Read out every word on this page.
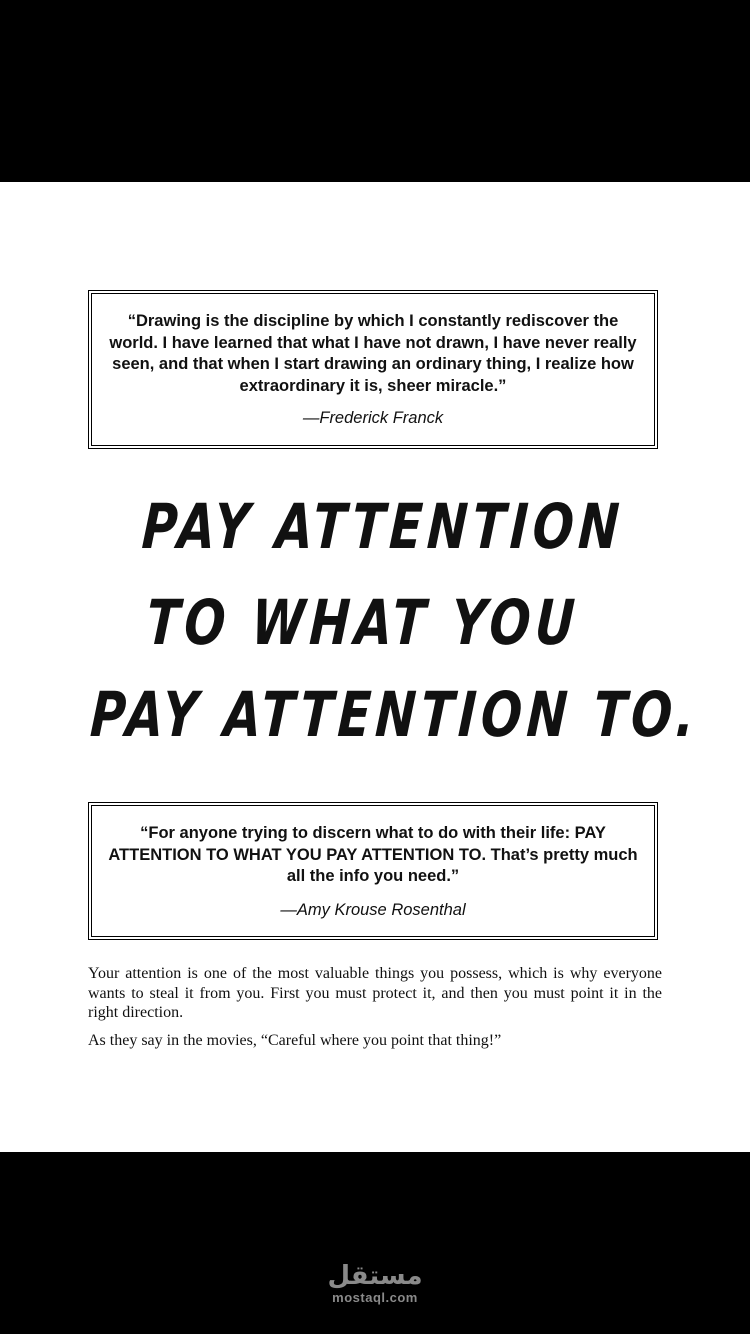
“Drawing is the discipline by which I constantly rediscover the world. I have learned that what I have not drawn, I have never really seen, and that when I start drawing an ordinary thing, I realize how extraordinary it is, sheer miracle.”

—Frederick Franck

PAY ATTENTION
TO WHAT YOU
PAY ATTENTION TO.

“For anyone trying to discern what to do with their life: PAY ATTENTION TO WHAT YOU PAY ATTENTION TO. That’s pretty much all the info you need.”

—Amy Krouse Rosenthal

Your attention is one of the most valuable things you possess, which is why everyone wants to steal it from you. First you must protect it, and then you must point it in the right direction.

As they say in the movies, “Careful where you point that thing!”

مستقل
mostaql.com
